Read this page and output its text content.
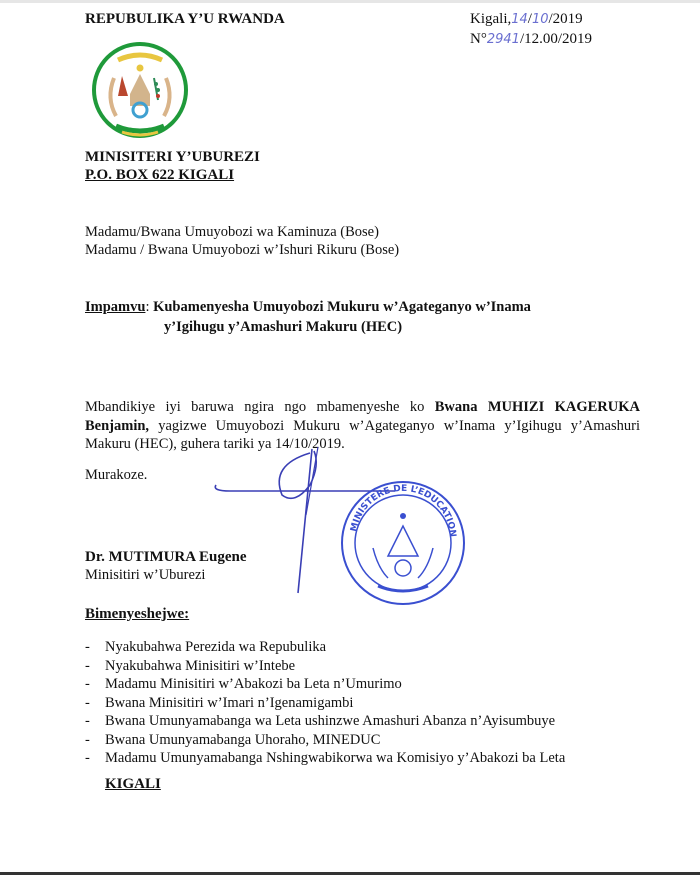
REPUBULIKA Y’U RWANDA
MINISITERI Y’UBUREZI
P.O. BOX 622 KIGALI
Kigali,14/10/2019
N°2941/12.00/2019
Madamu/Bwana Umuyobozi wa Kaminuza (Bose)
Madamu / Bwana Umuyobozi w’Ishuri Rikuru (Bose)
Impamvu: Kubamenyesha Umuyobozi Mukuru w’Agateganyo w’Inama
y’Igihugu y’Amashuri Makuru (HEC)
Mbandikiye iyi baruwa ngira ngo mbamenyeshe ko Bwana MUHIZI KAGERUKA Benjamin, yagizwe Umuyobozi Mukuru w’Agateganyo w’Inama y’Igihugu y’Amashuri Makuru (HEC), guhera tariki ya 14/10/2019.
Murakoze.
MINISTERE DE L’EDUCATION
Dr. MUTIMURA Eugene
Minisitiri w’Uburezi
Bimenyeshejwe:
- Nyakubahwa Perezida wa Repubulika
- Nyakubahwa Minisitiri w’Intebe
- Madamu Minisitiri w’Abakozi ba Leta n’Umurimo
- Bwana Minisitiri w’Imari n’Igenamigambi
- Bwana Umunyamabanga wa Leta ushinzwe Amashuri Abanza n’Ayisumbuye
- Bwana Umunyamabanga Uhoraho, MINEDUC
- Madamu Umunyamabanga Nshingwabikorwa wa Komisiyo y’Abakozi ba Leta
KIGALI
